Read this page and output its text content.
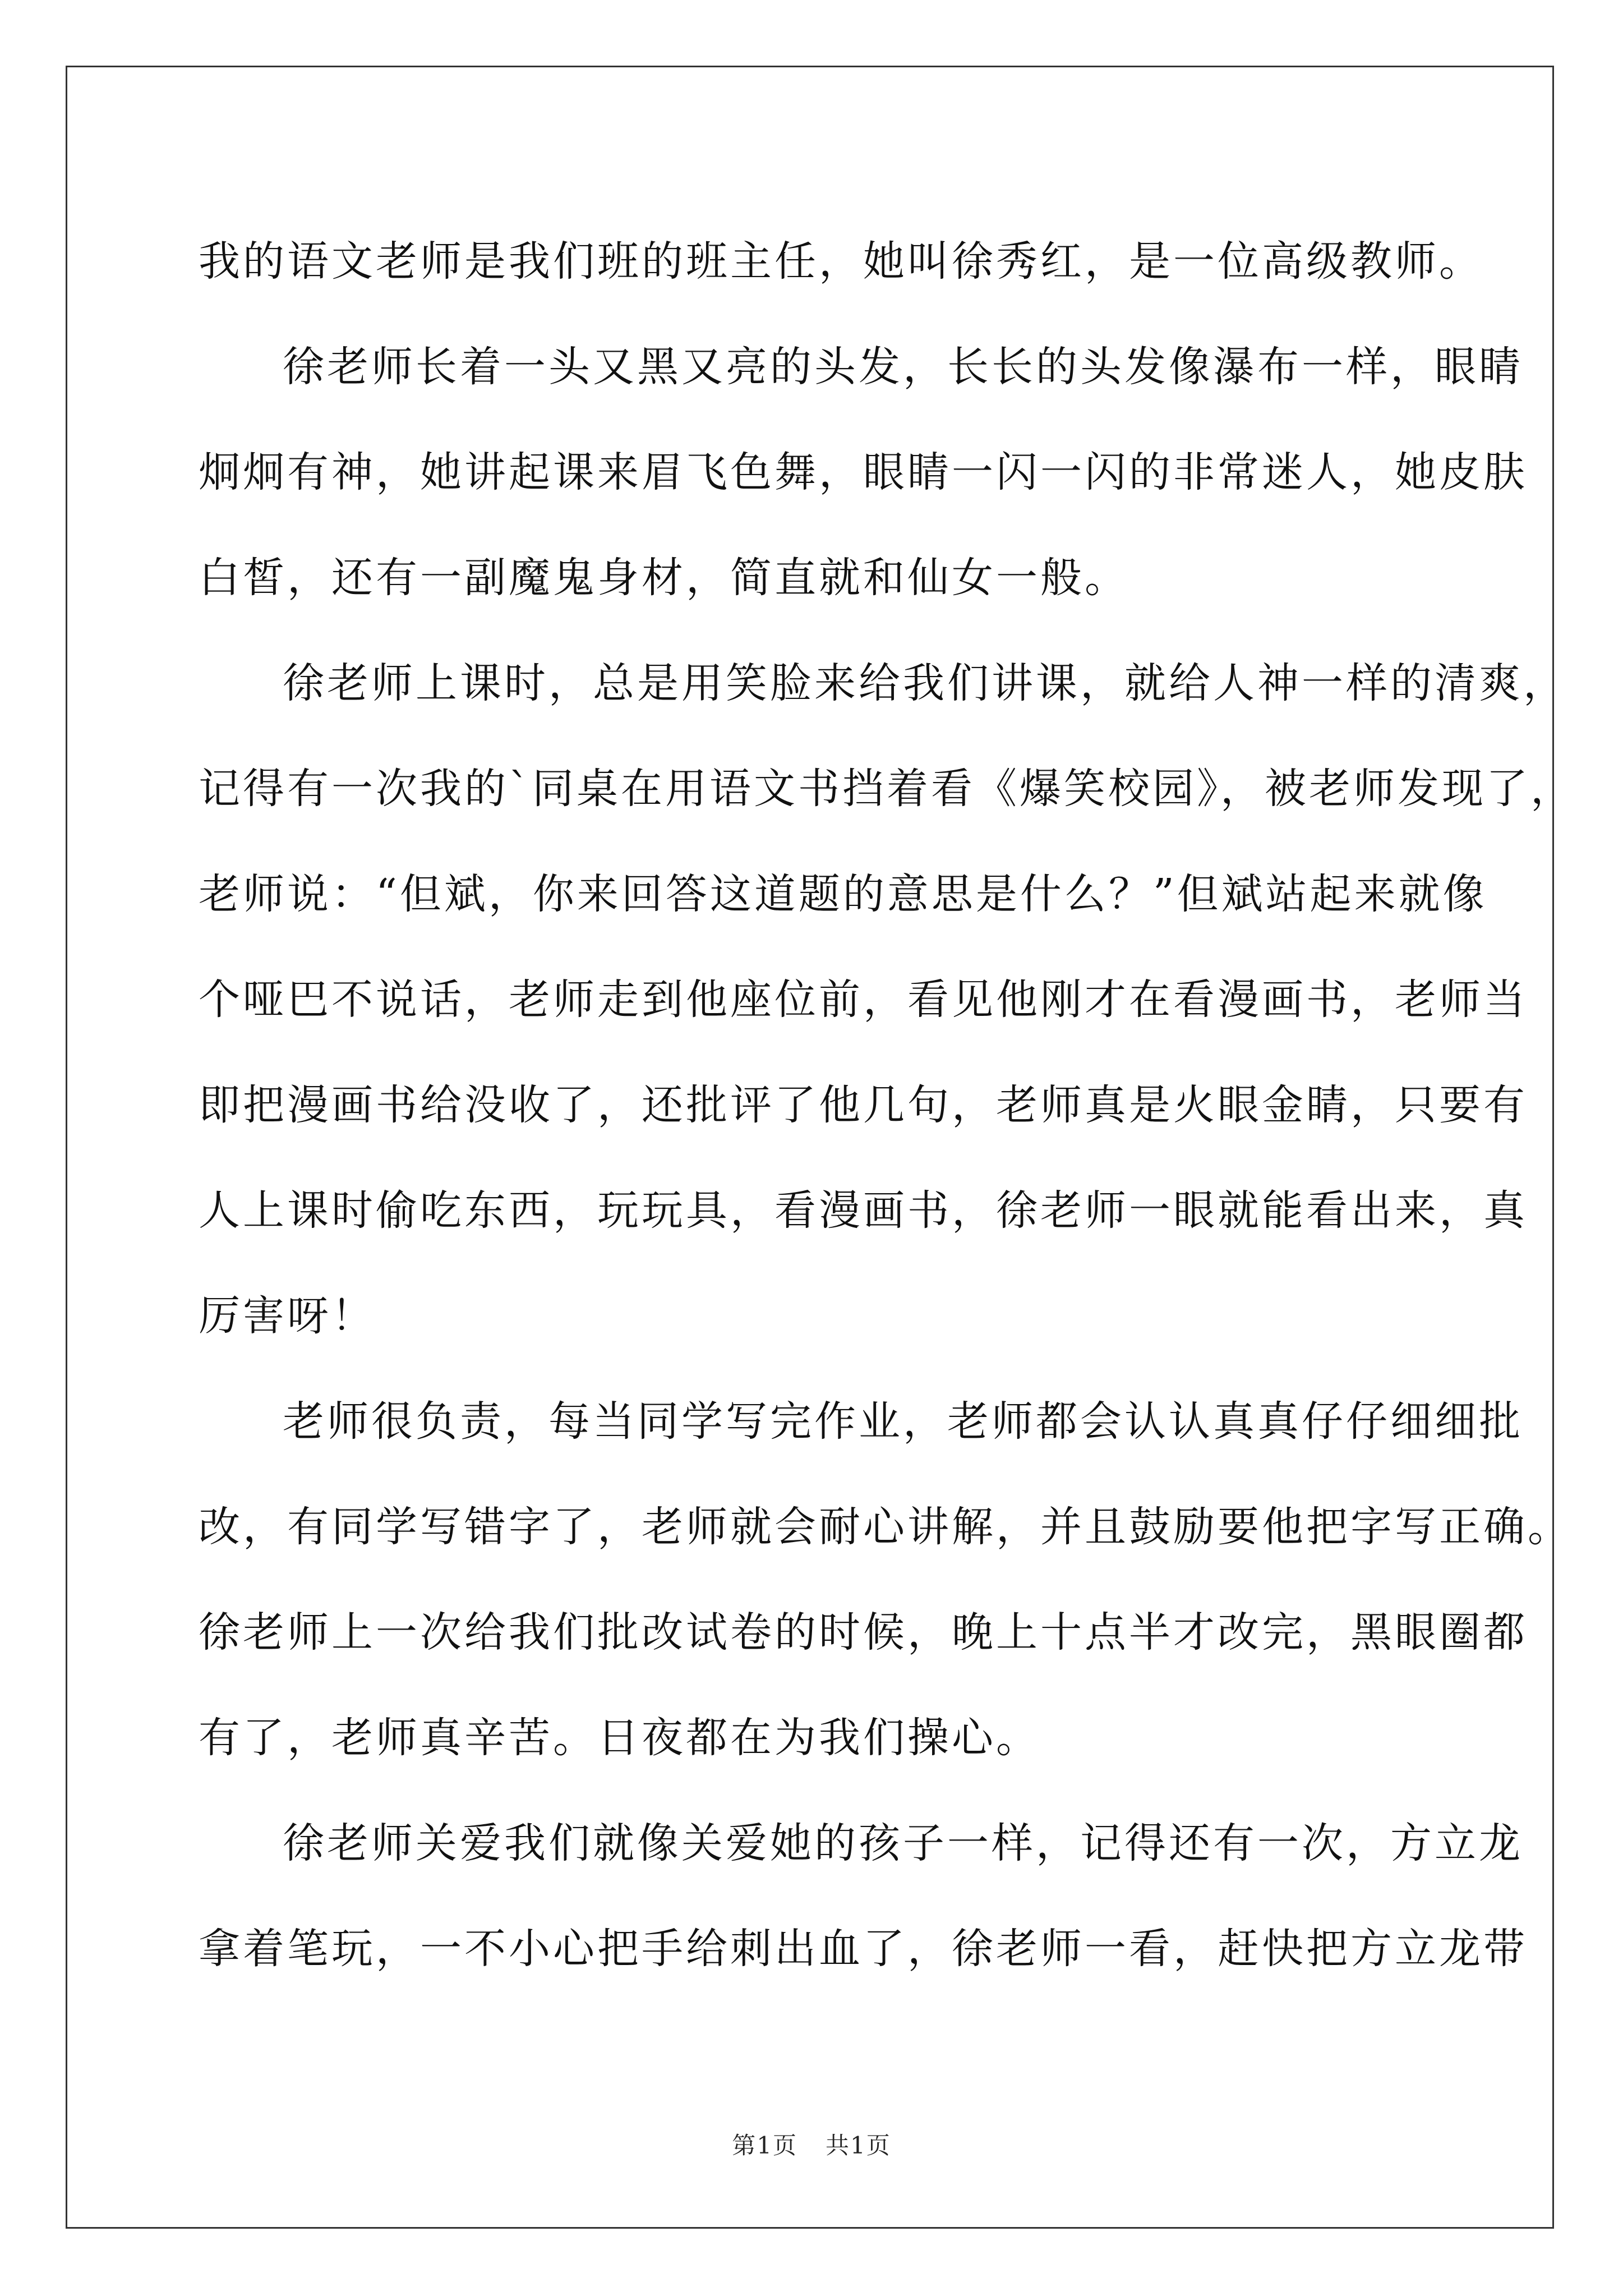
我的语文老师是我们班的班主任，她叫徐秀红，是一位高级教师。
徐老师长着一头又黑又亮的头发，长长的头发像瀑布一样，眼睛
炯炯有神，她讲起课来眉飞色舞，眼睛一闪一闪的非常迷人，她皮肤
白皙，还有一副魔鬼身材，简直就和仙女一般。
徐老师上课时，总是用笑脸来给我们讲课，就给人神一样的清爽，
记得有一次我的`同桌在用语文书挡着看《爆笑校园》，被老师发现了，
老师说：“但斌，你来回答这道题的意思是什么？”但斌站起来就像
个哑巴不说话，老师走到他座位前，看见他刚才在看漫画书，老师当
即把漫画书给没收了，还批评了他几句，老师真是火眼金睛，只要有
人上课时偷吃东西，玩玩具，看漫画书，徐老师一眼就能看出来，真
厉害呀！
老师很负责，每当同学写完作业，老师都会认认真真仔仔细细批
改，有同学写错字了，老师就会耐心讲解，并且鼓励要他把字写正确。
徐老师上一次给我们批改试卷的时候，晚上十点半才改完，黑眼圈都
有了，老师真辛苦。日夜都在为我们操心。
徐老师关爱我们就像关爱她的孩子一样，记得还有一次，方立龙
拿着笔玩，一不小心把手给刺出血了，徐老师一看，赶快把方立龙带
第1页 共1页
